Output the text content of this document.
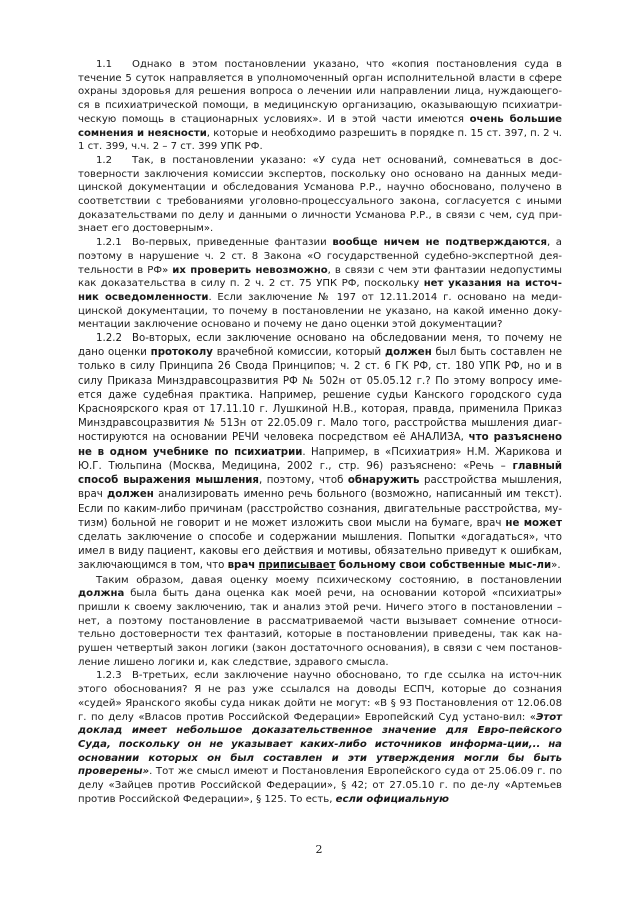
1.1 Однако в этом постановлении указано, что «копия постановления суда в течение 5 суток направляется в уполномоченный орган исполнительной власти в сфере охраны здоровья для решения вопроса о лечении или направлении лица, нуждающего-ся в психиатрической помощи, в медицинскую организацию, оказывающую психиатри-ческую помощь в стационарных условиях». И в этой части имеются очень большие сомнения и неясности, которые и необходимо разрешить в порядке п. 15 ст. 397, п. 2 ч. 1 ст. 399, ч.ч. 2 – 7 ст. 399 УПК РФ.

1.2 Так, в постановлении указано: «У суда нет оснований, сомневаться в дос-товерности заключения комиссии экспертов, поскольку оно основано на данных меди-цинской документации и обследования Усманова Р.Р., научно обосновано, получено в соответствии с требованиями уголовно-процессуального закона, согласуется с иными доказательствами по делу и данными о личности Усманова Р.Р., в связи с чем, суд при-знает его достоверным».

1.2.1 Во-первых, приведенные фантазии вообще ничем не подтверждаются, а поэтому в нарушение ч. 2 ст. 8 Закона «О государственной судебно-экспертной дея-тельности в РФ» их проверить невозможно, в связи с чем эти фантазии недопустимы как доказательства в силу п. 2 ч. 2 ст. 75 УПК РФ, поскольку нет указания на источ-ник осведомленности. Если заключение № 197 от 12.11.2014 г. основано на меди-цинской документации, то почему в постановлении не указано, на какой именно доку-ментации заключение основано и почему не дано оценки этой документации?

1.2.2 Во-вторых, если заключение основано на обследовании меня, то почему не дано оценки протоколу врачебной комиссии, который должен был быть составлен не только в силу Принципа 26 Свода Принципов; ч. 2 ст. 6 ГК РФ, ст. 180 УПК РФ, но и в силу Приказа Минздравсоцразвития РФ № 502н от 05.05.12 г.? По этому вопросу име-ется даже судебная практика. Например, решение судьи Канского городского суда Красноярского края от 17.11.10 г. Лушкиной Н.В., которая, правда, применила Приказ Минздравсоцразвития № 513н от 22.05.09 г. Мало того, расстройства мышления диаг-ностируются на основании РЕЧИ человека посредством её АНАЛИЗА, что разъяснено не в одном учебнике по психиатрии. Например, в «Психиатрия» Н.М. Жарикова и Ю.Г. Тюльпина (Москва, Медицина, 2002 г., стр. 96) разъяснено: «Речь – главный способ выражения мышления, поэтому, чтоб обнаружить расстройства мышления, врач должен анализировать именно речь больного (возможно, написанный им текст). Если по каким-либо причинам (расстройство сознания, двигательные расстройства, му-тизм) больной не говорит и не может изложить свои мысли на бумаге, врач не может сделать заключение о способе и содержании мышления. Попытки «догадаться», что имел в виду пациент, каковы его действия и мотивы, обязательно приведут к ошибкам, заключающимся в том, что врач приписывает больному свои собственные мыс-ли».

Таким образом, давая оценку моему психическому состоянию, в постановлении должна была быть дана оценка как моей речи, на основании которой «психиатры» пришли к своему заключению, так и анализ этой речи. Ничего этого в постановлении – нет, а поэтому постановление в рассматриваемой части вызывает сомнение относи-тельно достоверности тех фантазий, которые в постановлении приведены, так как на-рушен четвертый закон логики (закон достаточного основания), в связи с чем постанов-ление лишено логики и, как следствие, здравого смысла.

1.2.3 В-третьих, если заключение научно обосновано, то где ссылка на источ-ник этого обоснования? Я не раз уже ссылался на доводы ЕСПЧ, которые до сознания «судей» Яранского якобы суда никак дойти не могут: «В § 93 Постановления от 12.06.08 г. по делу «Власов против Российской Федерации» Европейский Суд устано-вил: «Этот доклад имеет небольшое доказательственное значение для Евро-пейского Суда, поскольку он не указывает каких-либо источников информа-ции,.. на основании которых он был составлен и эти утверждения могли бы быть проверены». Тот же смысл имеют и Постановления Европейского суда от 25.06.09 г. по делу «Зайцев против Российской Федерации», § 42; от 27.05.10 г. по де-лу «Артемьев против Российской Федерации», § 125. То есть, если официальную

2
